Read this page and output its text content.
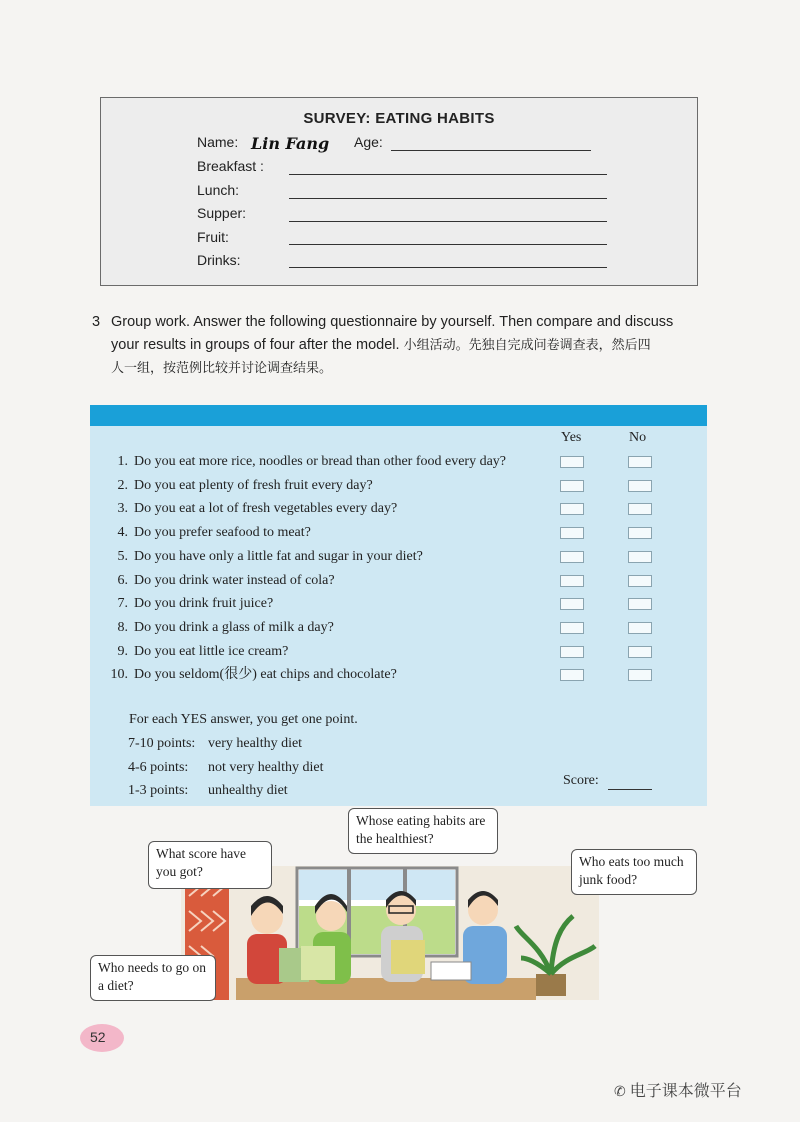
SURVEY: EATING HABITS
Name: Lin Fang Age:
Breakfast :
Lunch:
Supper:
Fruit:
Drinks:
3 Group work. Answer the following questionnaire by yourself. Then compare and discuss
your results in groups of four after the model. 小组活动。先独自完成问卷调查表，然后四
人一组，按范例比较并讨论调查结果。
Yes	No
1. Do you eat more rice, noodles or bread than other food every day?
2. Do you eat plenty of fresh fruit every day?
3. Do you eat a lot of fresh vegetables every day?
4. Do you prefer seafood to meat?
5. Do you have only a little fat and sugar in your diet?
6. Do you drink water instead of cola?
7. Do you drink fruit juice?
8. Do you drink a glass of milk a day?
9. Do you eat little ice cream?
10. Do you seldom(很少) eat chips and chocolate?
For each YES answer, you get one point.
7-10 points: very healthy diet
4-6 points: not very healthy diet
1-3 points: unhealthy diet
Score:
What score have you got?
Whose eating habits are the healthiest?
Who eats too much junk food?
Who needs to go on a diet?
52
✆ 电子课本微平台
